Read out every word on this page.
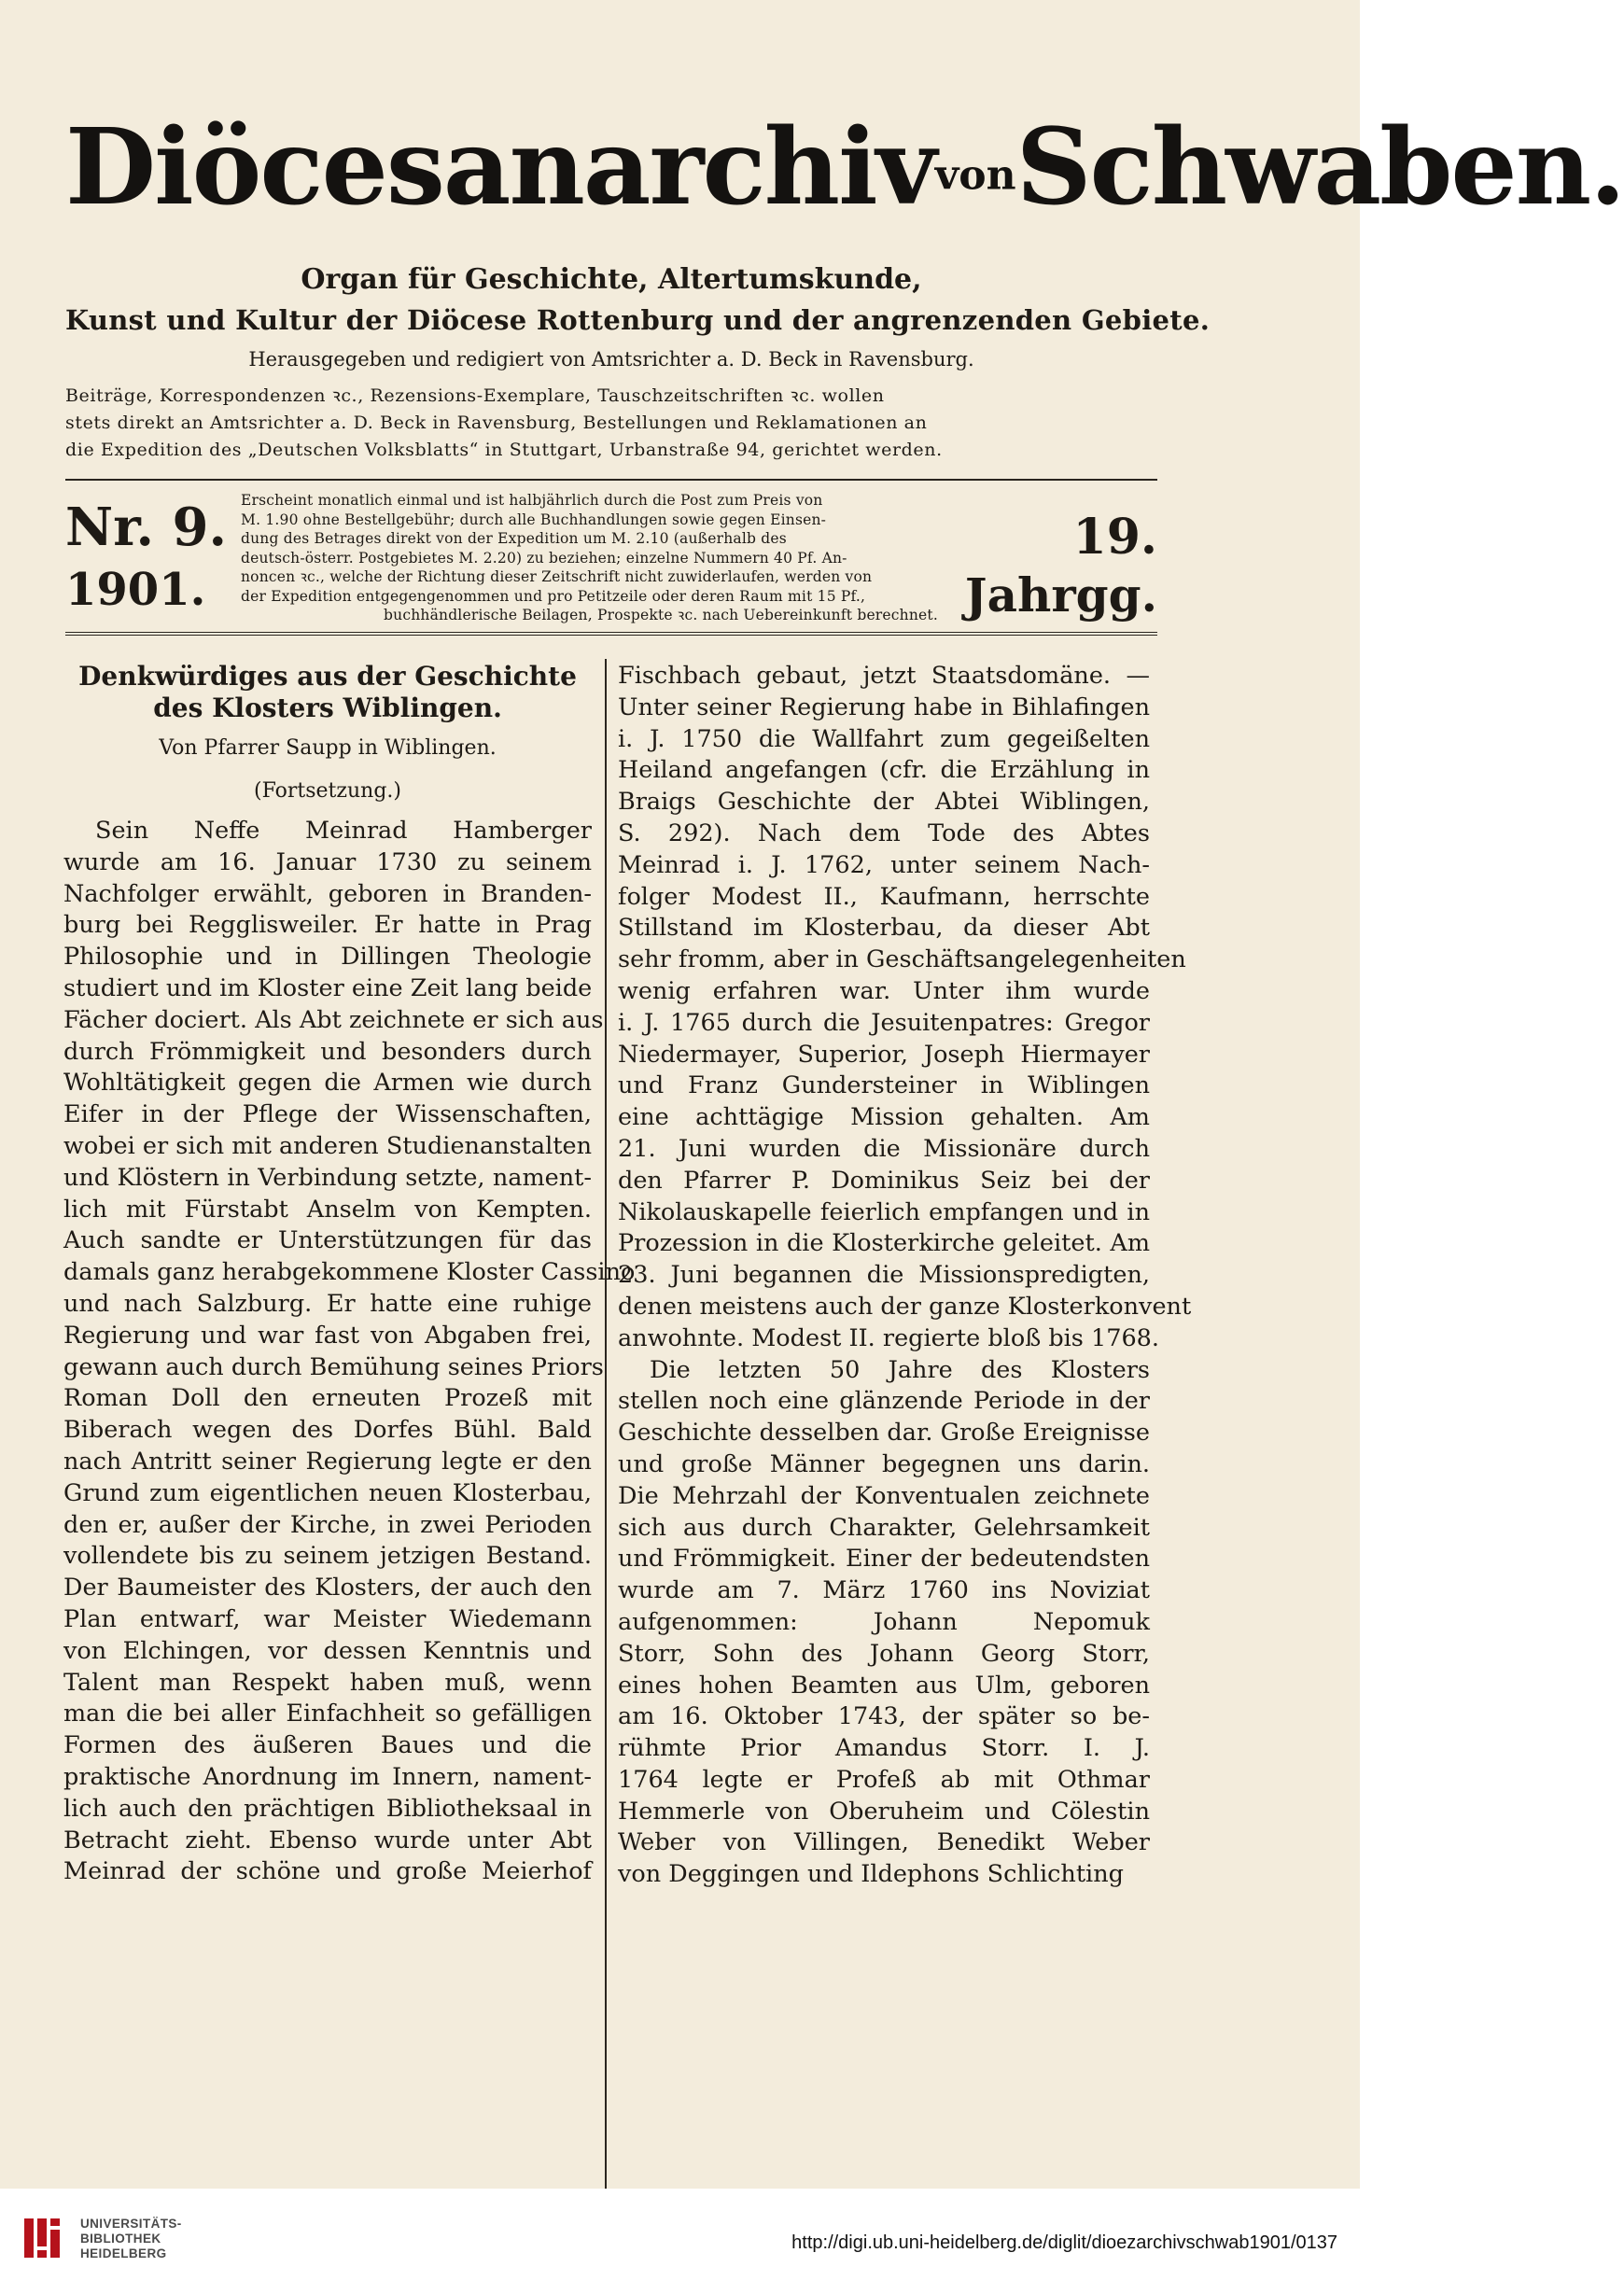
DiöcesanarchivvonSchwaben.
Organ für Geschichte, Altertumskunde,
Kunst und Kultur der Diöcese Rottenburg und der angrenzenden Gebiete.
Herausgegeben und redigiert von Amtsrichter a. D. Beck in Ravensburg.
Beiträge, Korrespondenzen ꝛc., Rezensions-Exemplare, Tauschzeitschriften ꝛc. wollen
stets direkt an Amtsrichter a. D. Beck in Ravensburg, Bestellungen und Reklamationen an
die Expedition des „Deutschen Volksblatts“ in Stuttgart, Urbanstraße 94, gerichtet werden.
Nr. 9.
1901.
Erscheint monatlich einmal und ist halbjährlich durch die Post zum Preis von
M. 1.90 ohne Bestellgebühr; durch alle Buchhandlungen sowie gegen Einsen-
dung des Betrages direkt von der Expedition um M. 2.10 (außerhalb des
deutsch-österr. Postgebietes M. 2.20) zu beziehen; einzelne Nummern 40 Pf. An-
noncen ꝛc., welche der Richtung dieser Zeitschrift nicht zuwiderlaufen, werden von
der Expedition entgegengenommen und pro Petitzeile oder deren Raum mit 15 Pf.,
buchhändlerische Beilagen, Prospekte ꝛc. nach Uebereinkunft berechnet.
19.
Jahrgg.
Denkwürdiges aus der Geschichte
des Klosters Wiblingen.
Von Pfarrer Saupp in Wiblingen.
(Fortsetzung.)
Sein Neffe Meinrad Hamberger
wurde am 16. Januar 1730 zu seinem
Nachfolger erwählt, geboren in Branden-
burg bei Regglisweiler. Er hatte in Prag
Philosophie und in Dillingen Theologie
studiert und im Kloster eine Zeit lang beide
Fächer dociert. Als Abt zeichnete er sich aus
durch Frömmigkeit und besonders durch
Wohltätigkeit gegen die Armen wie durch
Eifer in der Pflege der Wissenschaften,
wobei er sich mit anderen Studienanstalten
und Klöstern in Verbindung setzte, nament-
lich mit Fürstabt Anselm von Kempten.
Auch sandte er Unterstützungen für das
damals ganz herabgekommene Kloster Cassino
und nach Salzburg. Er hatte eine ruhige
Regierung und war fast von Abgaben frei,
gewann auch durch Bemühung seines Priors
Roman Doll den erneuten Prozeß mit
Biberach wegen des Dorfes Bühl. Bald
nach Antritt seiner Regierung legte er den
Grund zum eigentlichen neuen Klosterbau,
den er, außer der Kirche, in zwei Perioden
vollendete bis zu seinem jetzigen Bestand.
Der Baumeister des Klosters, der auch den
Plan entwarf, war Meister Wiedemann
von Elchingen, vor dessen Kenntnis und
Talent man Respekt haben muß, wenn
man die bei aller Einfachheit so gefälligen
Formen des äußeren Baues und die
praktische Anordnung im Innern, nament-
lich auch den prächtigen Bibliotheksaal in
Betracht zieht. Ebenso wurde unter Abt
Meinrad der schöne und große Meierhof
Fischbach gebaut, jetzt Staatsdomäne. —
Unter seiner Regierung habe in Bihlafingen
i. J. 1750 die Wallfahrt zum gegeißelten
Heiland angefangen (cfr. die Erzählung in
Braigs Geschichte der Abtei Wiblingen,
S. 292). Nach dem Tode des Abtes
Meinrad i. J. 1762, unter seinem Nach-
folger Modest II., Kaufmann, herrschte
Stillstand im Klosterbau, da dieser Abt
sehr fromm, aber in Geschäftsangelegenheiten
wenig erfahren war. Unter ihm wurde
i. J. 1765 durch die Jesuitenpatres: Gregor
Niedermayer, Superior, Joseph Hiermayer
und Franz Gundersteiner in Wiblingen
eine achttägige Mission gehalten. Am
21. Juni wurden die Missionäre durch
den Pfarrer P. Dominikus Seiz bei der
Nikolauskapelle feierlich empfangen und in
Prozession in die Klosterkirche geleitet. Am
23. Juni begannen die Missionspredigten,
denen meistens auch der ganze Klosterkonvent
anwohnte. Modest II. regierte bloß bis 1768.
Die letzten 50 Jahre des Klosters
stellen noch eine glänzende Periode in der
Geschichte desselben dar. Große Ereignisse
und große Männer begegnen uns darin.
Die Mehrzahl der Konventualen zeichnete
sich aus durch Charakter, Gelehrsamkeit
und Frömmigkeit. Einer der bedeutendsten
wurde am 7. März 1760 ins Noviziat
aufgenommen: Johann Nepomuk
Storr, Sohn des Johann Georg Storr,
eines hohen Beamten aus Ulm, geboren
am 16. Oktober 1743, der später so be-
rühmte Prior Amandus Storr. I. J.
1764 legte er Profeß ab mit Othmar
Hemmerle von Oberuheim und Cölestin
Weber von Villingen, Benedikt Weber
von Deggingen und Ildephons Schlichting
UNIVERSITÄTS-
BIBLIOTHEK
HEIDELBERG
http://digi.ub.uni-heidelberg.de/diglit/dioezarchivschwab1901/0137
